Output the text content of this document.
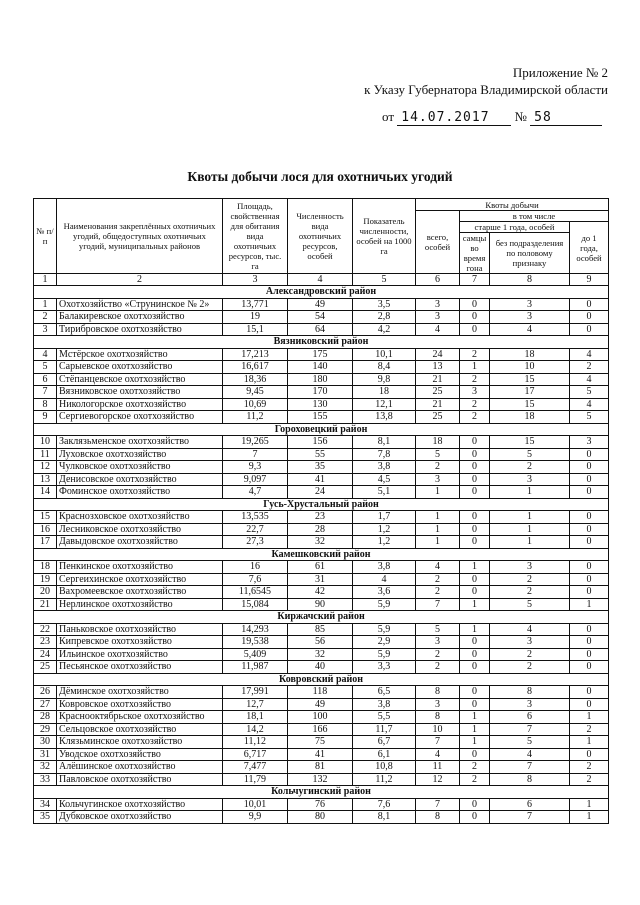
Приложение № 2
к Указу Губернатора Владимирской области
от 14.07.2017 № 58
Квоты добычи лося для охотничьих угодий
№ п/п	Наименования закреплённых охотничьих угодий, общедоступных охотничьих угодий, муниципальных районов	Площадь, свойственная для обитания вида охотничьих ресурсов, тыс. га	Численность вида охотничьих ресурсов, особей	Показатель численности, особей на 1000 га	Квоты добычи			
					всего, особей	в том числе		
						старше 1 года, особей		до 1 года, особей
						самцы во время гона	без подразделения по половому признаку	
1	2	3	4	5	6	7	8	9
Александровский район								
1	Охотхозяйство «Струнинское № 2»	13,771	49	3,5	3	0	3	0
2	Балакиревское охотхозяйство	19	54	2,8	3	0	3	0
3	Тирибровское охотхозяйство	15,1	64	4,2	4	0	4	0
Вязниковский район								
4	Мстёрское охотхозяйство	17,213	175	10,1	24	2	18	4
5	Сарыевское охотхозяйство	16,617	140	8,4	13	1	10	2
6	Стёпанцевское охотхозяйство	18,36	180	9,8	21	2	15	4
7	Вязниковское охотхозяйство	9,45	170	18	25	3	17	5
8	Никологорское охотхозяйство	10,69	130	12,1	21	2	15	4
9	Сергиевогорское охотхозяйство	11,2	155	13,8	25	2	18	5
Гороховецкий район								
10	Заклязьменское охотхозяйство	19,265	156	8,1	18	0	15	3
11	Луховское охотхозяйство	7	55	7,8	5	0	5	0
12	Чулковское охотхозяйство	9,3	35	3,8	2	0	2	0
13	Денисовское охотхозяйство	9,097	41	4,5	3	0	3	0
14	Фоминское охотхозяйство	4,7	24	5,1	1	0	1	0
Гусь-Хрустальный район								
15	Краснозховское охотхозяйство	13,535	23	1,7	1	0	1	0
16	Лесниковское охотхозяйство	22,7	28	1,2	1	0	1	0
17	Давыдовское охотхозяйство	27,3	32	1,2	1	0	1	0
Камешковский район								
18	Пенкинское охотхозяйство	16	61	3,8	4	1	3	0
19	Сергеихинское охотхозяйство	7,6	31	4	2	0	2	0
20	Вахромеевское охотхозяйство	11,6545	42	3,6	2	0	2	0
21	Нерлинское охотхозяйство	15,084	90	5,9	7	1	5	1
Киржачский район								
22	Паньковское охотхозяйство	14,293	85	5,9	5	1	4	0
23	Кипревское охотхозяйство	19,538	56	2,9	3	0	3	0
24	Ильинское охотхозяйство	5,409	32	5,9	2	0	2	0
25	Песьянское охотхозяйство	11,987	40	3,3	2	0	2	0
Ковровский район								
26	Дёминское охотхозяйство	17,991	118	6,5	8	0	8	0
27	Ковровское охотхозяйство	12,7	49	3,8	3	0	3	0
28	Краснооктябрьское охотхозяйство	18,1	100	5,5	8	1	6	1
29	Сельцовское охотхозяйство	14,2	166	11,7	10	1	7	2
30	Клязьминское охотхозяйство	11,12	75	6,7	7	1	5	1
31	Уводское охотхозяйство	6,717	41	6,1	4	0	4	0
32	Алёшинское охотхозяйство	7,477	81	10,8	11	2	7	2
33	Павловское охотхозяйство	11,79	132	11,2	12	2	8	2
Кольчугинский район								
34	Кольчугинское охотхозяйство	10,01	76	7,6	7	0	6	1
35	Дубковское охотхозяйство	9,9	80	8,1	8	0	7	1
